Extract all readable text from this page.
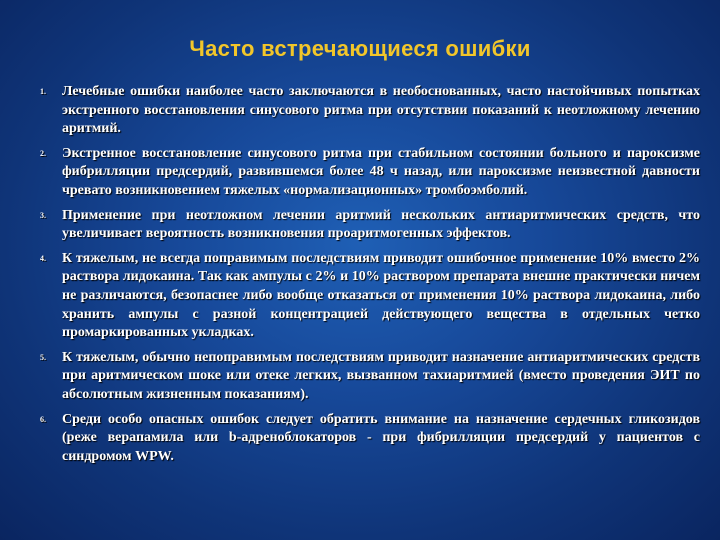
Часто встречающиеся ошибки
1.	Лечебные ошибки наиболее часто заключаются в необоснованных, часто настойчивых попытках экстренного восстановления синусового ритма при отсутствии показаний к неотложному лечению аритмий.
2.	Экстренное восстановление синусового ритма при стабильном состоянии больного и пароксизме фибрилляции предсердий, развившемся более 48 ч назад, или пароксизме неизвестной давности чревато возникновением тяжелых «нормализационных» тромбоэмболий.
3.	Применение при неотложном лечении аритмий нескольких антиаритмических средств, что увеличивает вероятность возникновения проаритмогенных эффектов.
4.	К тяжелым, не всегда поправимым последствиям приводит ошибочное применение 10% вместо 2% раствора лидокаина. Так как ампулы с 2% и 10% раствором препарата внешне практически ничем не различаются, безопаснее либо вообще отказаться от применения 10% раствора лидокаина, либо хранить ампулы с разной концентрацией действующего вещества в отдельных четко промаркированных укладках.
5.	К тяжелым, обычно непоправимым последствиям приводит назначение антиаритмических средств при аритмическом шоке или отеке легких, вызванном тахиаритмией (вместо проведения ЭИТ по абсолютным жизненным показаниям).
6.	Среди особо опасных ошибок следует обратить внимание на назначение сердечных гликозидов (реже верапамила или b-адреноблокаторов - при фибрилляции предсердий у пациентов с синдромом WPW.
